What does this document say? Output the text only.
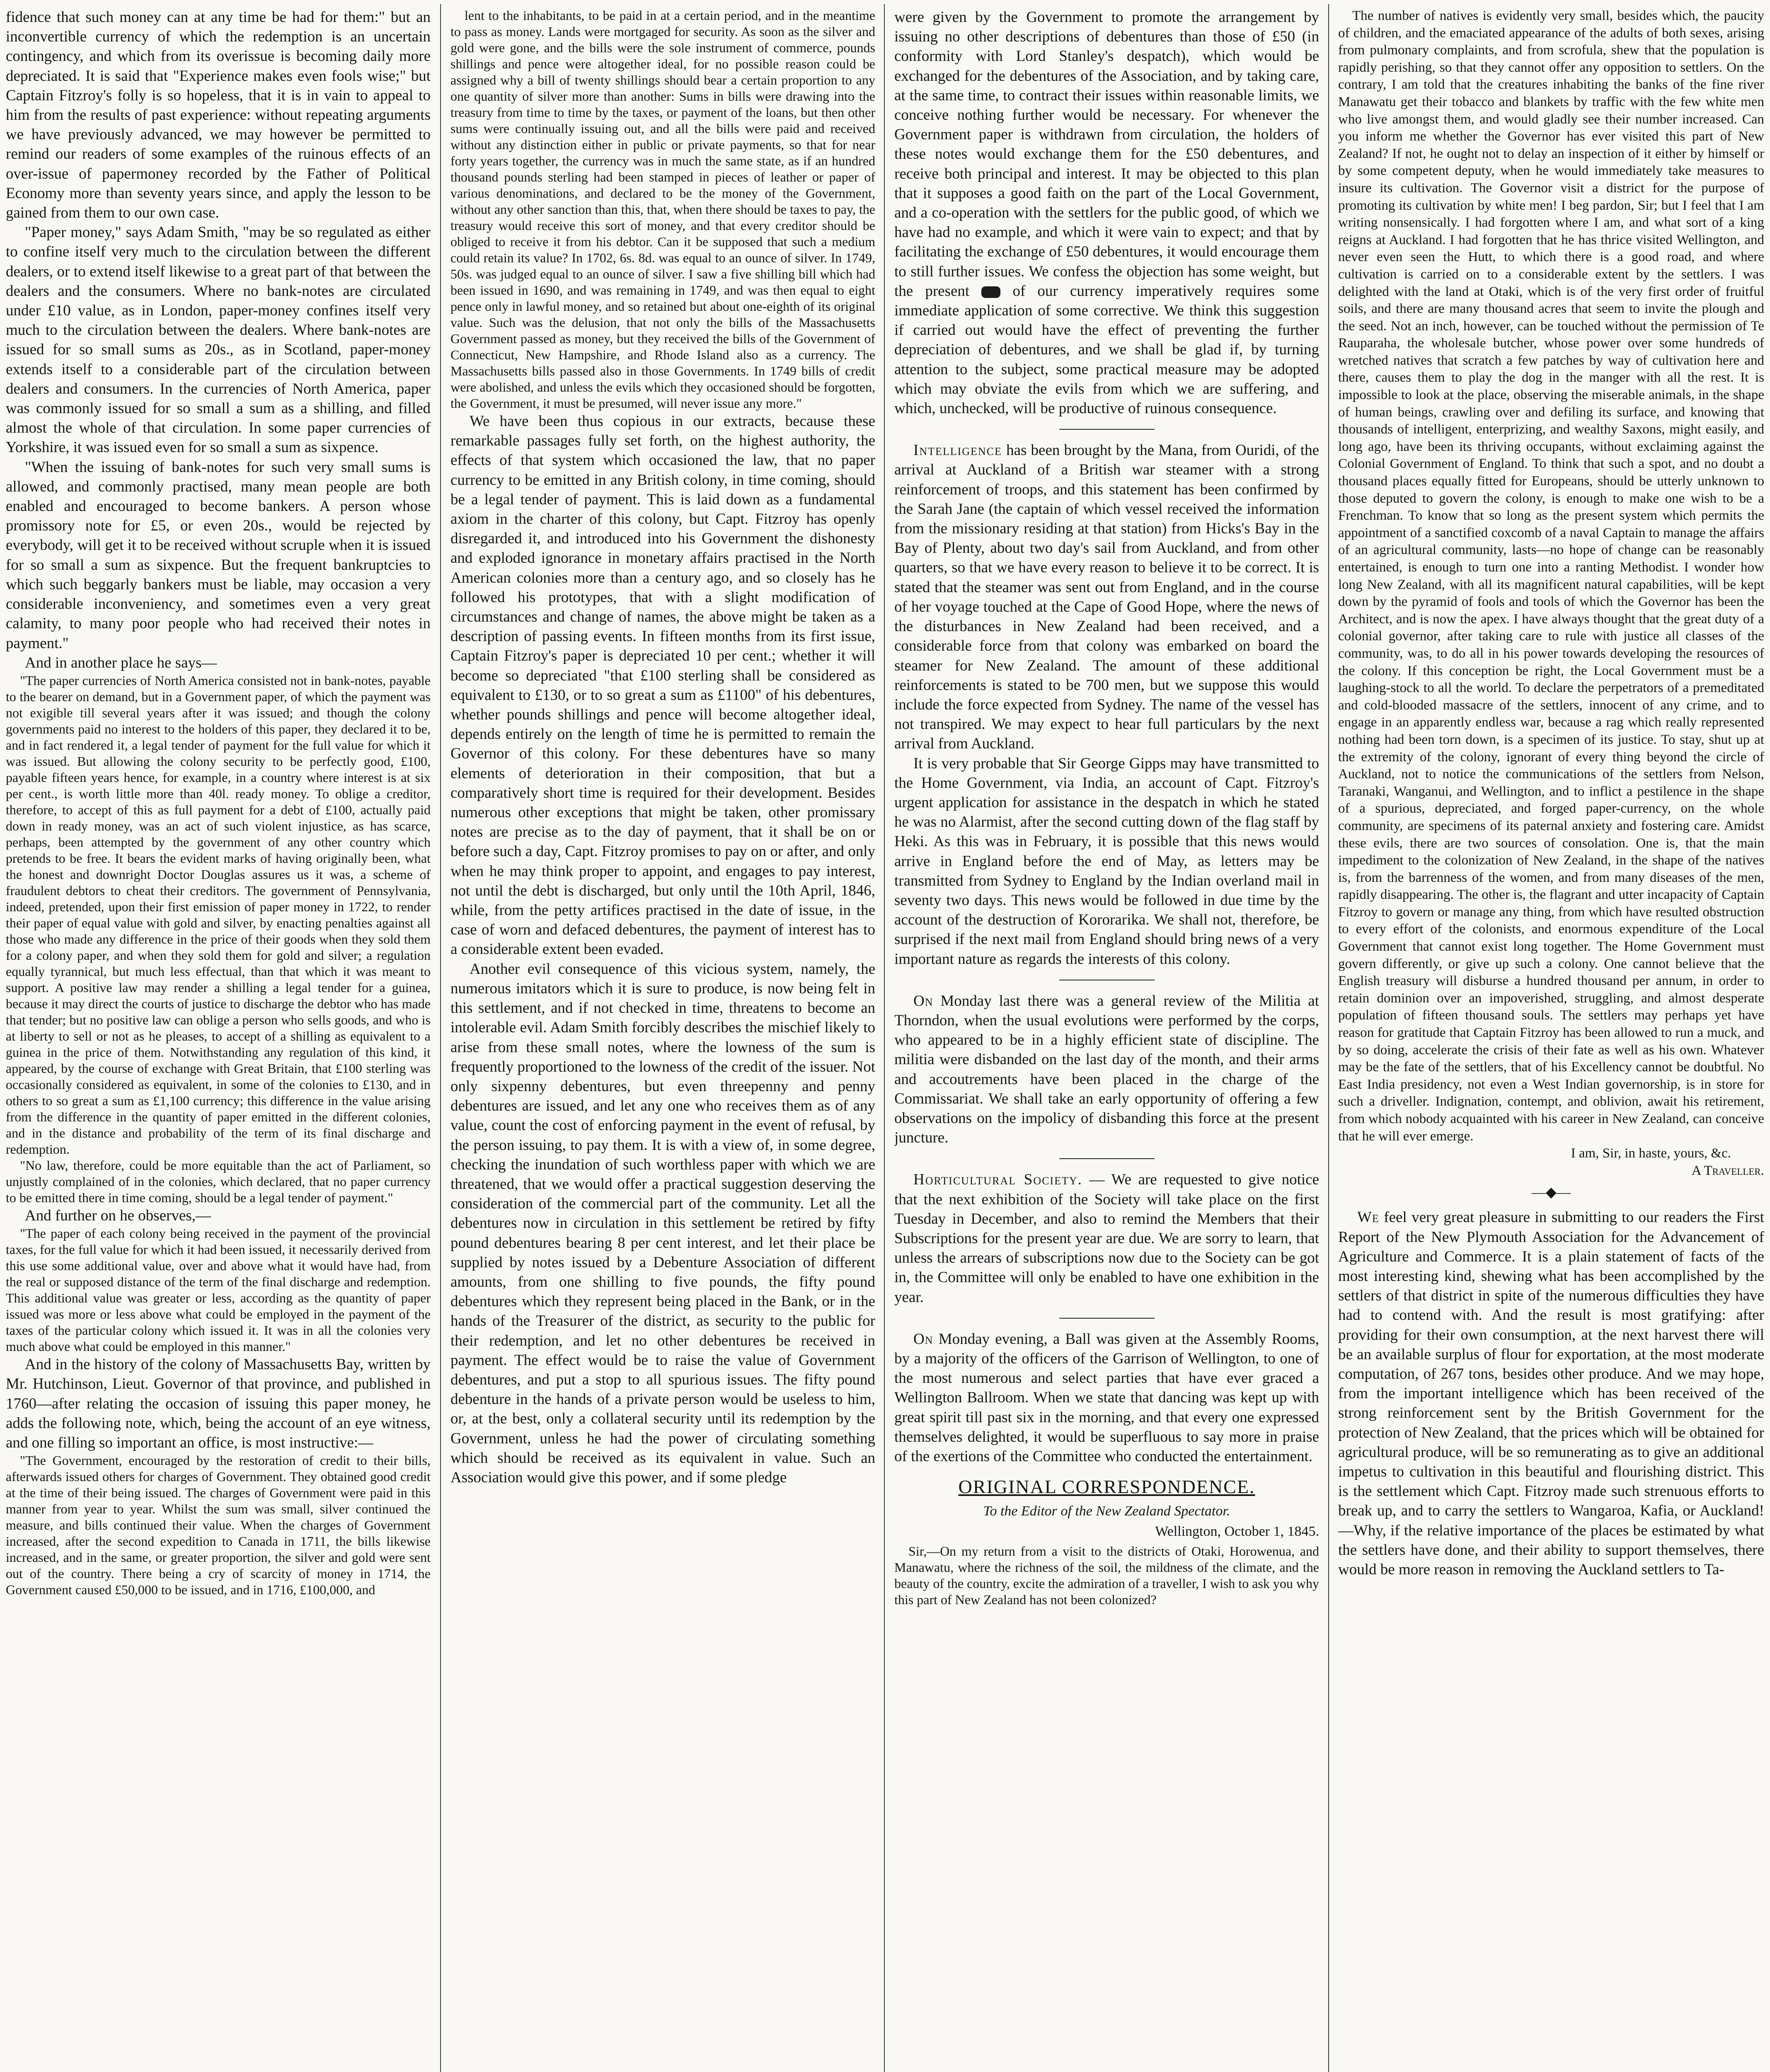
fidence that such money can at any time be had for them:" but an inconvertible currency of which the redemption is an uncertain contingency, and which from its overissue is becoming daily more depreciated. It is said that "Experience makes even fools wise;" but Captain Fitzroy's folly is so hopeless, that it is in vain to appeal to him from the results of past experience: without repeating arguments we have previously advanced, we may however be permitted to remind our readers of some examples of the ruinous effects of an over-issue of papermoney recorded by the Father of Political Economy more than seventy years since, and apply the lesson to be gained from them to our own case.

"Paper money," says Adam Smith, "may be so regulated as either to confine itself very much to the circulation between the different dealers, or to extend itself likewise to a great part of that between the dealers and the consumers. Where no bank-notes are circulated under £10 value, as in London, paper-money confines itself very much to the circulation between the dealers. Where bank-notes are issued for so small sums as 20s., as in Scotland, paper-money extends itself to a considerable part of the circulation between dealers and consumers. In the currencies of North America, paper was commonly issued for so small a sum as a shilling, and filled almost the whole of that circulation. In some paper currencies of Yorkshire, it was issued even for so small a sum as sixpence.

"When the issuing of bank-notes for such very small sums is allowed, and commonly practised, many mean people are both enabled and encouraged to become bankers. A person whose promissory note for £5, or even 20s., would be rejected by everybody, will get it to be received without scruple when it is issued for so small a sum as sixpence. But the frequent bankruptcies to which such beggarly bankers must be liable, may occasion a very considerable inconveniency, and sometimes even a very great calamity, to many poor people who had received their notes in payment."

And in another place he says—

"The paper currencies of North America consisted not in bank-notes, payable to the bearer on demand, but in a Government paper, of which the payment was not exigible till several years after it was issued; and though the colony governments paid no interest to the holders of this paper, they declared it to be, and in fact rendered it, a legal tender of payment for the full value for which it was issued. But allowing the colony security to be perfectly good, £100, payable fifteen years hence, for example, in a country where interest is at six per cent., is worth little more than 40l. ready money. To oblige a creditor, therefore, to accept of this as full payment for a debt of £100, actually paid down in ready money, was an act of such violent injustice, as has scarce, perhaps, been attempted by the government of any other country which pretends to be free. It bears the evident marks of having originally been, what the honest and downright Doctor Douglas assures us it was, a scheme of fraudulent debtors to cheat their creditors. The government of Pennsylvania, indeed, pretended, upon their first emission of paper money in 1722, to render their paper of equal value with gold and silver, by enacting penalties against all those who made any difference in the price of their goods when they sold them for a colony paper, and when they sold them for gold and silver; a regulation equally tyrannical, but much less effectual, than that which it was meant to support. A positive law may render a shilling a legal tender for a guinea, because it may direct the courts of justice to discharge the debtor who has made that tender; but no positive law can oblige a person who sells goods, and who is at liberty to sell or not as he pleases, to accept of a shilling as equivalent to a guinea in the price of them. Notwithstanding any regulation of this kind, it appeared, by the course of exchange with Great Britain, that £100 sterling was occasionally considered as equivalent, in some of the colonies to £130, and in others to so great a sum as £1,100 currency; this difference in the value arising from the difference in the quantity of paper emitted in the different colonies, and in the distance and probability of the term of its final discharge and redemption.

"No law, therefore, could be more equitable than the act of Parliament, so unjustly complained of in the colonies, which declared, that no paper currency to be emitted there in time coming, should be a legal tender of payment."

And further on he observes,—

"The paper of each colony being received in the payment of the provincial taxes, for the full value for which it had been issued, it necessarily derived from this use some additional value, over and above what it would have had, from the real or supposed distance of the term of the final discharge and redemption. This additional value was greater or less, according as the quantity of paper issued was more or less above what could be employed in the payment of the taxes of the particular colony which issued it. It was in all the colonies very much above what could be employed in this manner."

And in the history of the colony of Massachusetts Bay, written by Mr. Hutchinson, Lieut. Governor of that province, and published in 1760—after relating the occasion of issuing this paper money, he adds the following note, which, being the account of an eye witness, and one filling so important an office, is most instructive:—

"The Government, encouraged by the restoration of credit to their bills, afterwards issued others for charges of Government. They obtained good credit at the time of their being issued. The charges of Government were paid in this manner from year to year. Whilst the sum was small, silver continued the measure, and bills continued their value. When the charges of Government increased, after the second expedition to Canada in 1711, the bills likewise increased, and in the same, or greater proportion, the silver and gold were sent out of the country. There being a cry of scarcity of money in 1714, the Government caused £50,000 to be issued, and in 1716, £100,000, and

lent to the inhabitants, to be paid in at a certain period, and in the meantime to pass as money. Lands were mortgaged for security. As soon as the silver and gold were gone, and the bills were the sole instrument of commerce, pounds shillings and pence were altogether ideal, for no possible reason could be assigned why a bill of twenty shillings should bear a certain proportion to any one quantity of silver more than another: Sums in bills were drawing into the treasury from time to time by the taxes, or payment of the loans, but then other sums were continually issuing out, and all the bills were paid and received without any distinction either in public or private payments, so that for near forty years together, the currency was in much the same state, as if an hundred thousand pounds sterling had been stamped in pieces of leather or paper of various denominations, and declared to be the money of the Government, without any other sanction than this, that, when there should be taxes to pay, the treasury would receive this sort of money, and that every creditor should be obliged to receive it from his debtor. Can it be supposed that such a medium could retain its value? In 1702, 6s. 8d. was equal to an ounce of silver. In 1749, 50s. was judged equal to an ounce of silver. I saw a five shilling bill which had been issued in 1690, and was remaining in 1749, and was then equal to eight pence only in lawful money, and so retained but about one-eighth of its original value. Such was the delusion, that not only the bills of the Massachusetts Government passed as money, but they received the bills of the Government of Connecticut, New Hampshire, and Rhode Island also as a currency. The Massachusetts bills passed also in those Governments. In 1749 bills of credit were abolished, and unless the evils which they occasioned should be forgotten, the Government, it must be presumed, will never issue any more."

We have been thus copious in our extracts, because these remarkable passages fully set forth, on the highest authority, the effects of that system which occasioned the law, that no paper currency to be emitted in any British colony, in time coming, should be a legal tender of payment. This is laid down as a fundamental axiom in the charter of this colony, but Capt. Fitzroy has openly disregarded it, and introduced into his Government the dishonesty and exploded ignorance in monetary affairs practised in the North American colonies more than a century ago, and so closely has he followed his prototypes, that with a slight modification of circumstances and change of names, the above might be taken as a description of passing events. In fifteen months from its first issue, Captain Fitzroy's paper is depreciated 10 per cent.; whether it will become so depreciated "that £100 sterling shall be considered as equivalent to £130, or to so great a sum as £1100" of his debentures, whether pounds shillings and pence will become altogether ideal, depends entirely on the length of time he is permitted to remain the Governor of this colony. For these debentures have so many elements of deterioration in their composition, that but a comparatively short time is required for their development. Besides numerous other exceptions that might be taken, other promissary notes are precise as to the day of payment, that it shall be on or before such a day, Capt. Fitzroy promises to pay on or after, and only when he may think proper to appoint, and engages to pay interest, not until the debt is discharged, but only until the 10th April, 1846, while, from the petty artifices practised in the date of issue, in the case of worn and defaced debentures, the payment of interest has to a considerable extent been evaded.

Another evil consequence of this vicious system, namely, the numerous imitators which it is sure to produce, is now being felt in this settlement, and if not checked in time, threatens to become an intolerable evil. Adam Smith forcibly describes the mischief likely to arise from these small notes, where the lowness of the sum is frequently proportioned to the lowness of the credit of the issuer. Not only sixpenny debentures, but even threepenny and penny debentures are issued, and let any one who receives them as of any value, count the cost of enforcing payment in the event of refusal, by the person issuing, to pay them. It is with a view of, in some degree, checking the inundation of such worthless paper with which we are threatened, that we would offer a practical suggestion deserving the consideration of the commercial part of the community. Let all the debentures now in circulation in this settlement be retired by fifty pound debentures bearing 8 per cent interest, and let their place be supplied by notes issued by a Debenture Association of different amounts, from one shilling to five pounds, the fifty pound debentures which they represent being placed in the Bank, or in the hands of the Treasurer of the district, as security to the public for their redemption, and let no other debentures be received in payment. The effect would be to raise the value of Government debentures, and put a stop to all spurious issues. The fifty pound debenture in the hands of a private person would be useless to him, or, at the best, only a collateral security until its redemption by the Government, unless he had the power of circulating something which should be received as its equivalent in value. Such an Association would give this power, and if some pledge

were given by the Government to promote the arrangement by issuing no other descriptions of debentures than those of £50 (in conformity with Lord Stanley's despatch), which would be exchanged for the debentures of the Association, and by taking care, at the same time, to contract their issues within reasonable limits, we conceive nothing further would be necessary. For whenever the Government paper is withdrawn from circulation, the holders of these notes would exchange them for the £50 debentures, and receive both principal and interest. It may be objected to this plan that it supposes a good faith on the part of the Local Government, and a co-operation with the settlers for the public good, of which we have had no example, and which it were vain to expect; and that by facilitating the exchange of £50 debentures, it would encourage them to still further issues. We confess the objection has some weight, but the present	of our currency imperatively requires some immediate application of some corrective. We think this suggestion if carried out would have the effect of preventing the further depreciation of debentures, and we shall be glad if, by turning attention to the subject, some practical measure may be adopted which may obviate the evils from which we are suffering, and which, unchecked, will be productive of ruinous consequence.

Intelligence has been brought by the Mana, from Ouridi, of the arrival at Auckland of a British war steamer with a strong reinforcement of troops, and this statement has been confirmed by the Sarah Jane (the captain of which vessel received the information from the missionary residing at that station) from Hicks's Bay in the Bay of Plenty, about two day's sail from Auckland, and from other quarters, so that we have every reason to believe it to be correct. It is stated that the steamer was sent out from England, and in the course of her voyage touched at the Cape of Good Hope, where the news of the disturbances in New Zealand had been received, and a considerable force from that colony was embarked on board the steamer for New Zealand. The amount of these additional reinforcements is stated to be 700 men, but we suppose this would include the force expected from Sydney. The name of the vessel has not transpired. We may expect to hear full particulars by the next arrival from Auckland.

It is very probable that Sir George Gipps may have transmitted to the Home Government, via India, an account of Capt. Fitzroy's urgent application for assistance in the despatch in which he stated he was no Alarmist, after the second cutting down of the flag staff by Heki. As this was in February, it is possible that this news would arrive in England before the end of May, as letters may be transmitted from Sydney to England by the Indian overland mail in seventy two days. This news would be followed in due time by the account of the destruction of Kororarika. We shall not, therefore, be surprised if the next mail from England should bring news of a very important nature as regards the interests of this colony.

On Monday last there was a general review of the Militia at Thorndon, when the usual evolutions were performed by the corps, who appeared to be in a highly efficient state of discipline. The militia were disbanded on the last day of the month, and their arms and accoutrements have been placed in the charge of the Commissariat. We shall take an early opportunity of offering a few observations on the impolicy of disbanding this force at the present juncture.

Horticultural Society. — We are requested to give notice that the next exhibition of the Society will take place on the first Tuesday in December, and also to remind the Members that their Subscriptions for the present year are due. We are sorry to learn, that unless the arrears of subscriptions now due to the Society can be got in, the Committee will only be enabled to have one exhibition in the year.

On Monday evening, a Ball was given at the Assembly Rooms, by a majority of the officers of the Garrison of Wellington, to one of the most numerous and select parties that have ever graced a Wellington Ballroom. When we state that dancing was kept up with great spirit till past six in the morning, and that every one expressed themselves delighted, it would be superfluous to say more in praise of the exertions of the Committee who conducted the entertainment.

ORIGINAL CORRESPONDENCE.
To the Editor of the New Zealand Spectator.
Wellington, October 1, 1845.

Sir,—On my return from a visit to the districts of Otaki, Horowenua, and Manawatu, where the richness of the soil, the mildness of the climate, and the beauty of the country, excite the admiration of a traveller, I wish to ask you why this part of New Zealand has not been colonized?

The number of natives is evidently very small, besides which, the paucity of children, and the emaciated appearance of the adults of both sexes, arising from pulmonary complaints, and from scrofula, shew that the population is rapidly perishing, so that they cannot offer any opposition to settlers. On the contrary, I am told that the creatures inhabiting the banks of the fine river Manawatu get their tobacco and blankets by traffic with the few white men who live amongst them, and would gladly see their number increased. Can you inform me whether the Governor has ever visited this part of New Zealand? If not, he ought not to delay an inspection of it either by himself or by some competent deputy, when he would immediately take measures to insure its cultivation. The Governor visit a district for the purpose of promoting its cultivation by white men! I beg pardon, Sir; but I feel that I am writing nonsensically. I had forgotten where I am, and what sort of a king reigns at Auckland. I had forgotten that he has thrice visited Wellington, and never even seen the Hutt, to which there is a good road, and where cultivation is carried on to a considerable extent by the settlers. I was delighted with the land at Otaki, which is of the very first order of fruitful soils, and there are many thousand acres that seem to invite the plough and the seed. Not an inch, however, can be touched without the permission of Te Rauparaha, the wholesale butcher, whose power over some hundreds of wretched natives that scratch a few patches by way of cultivation here and there, causes them to play the dog in the manger with all the rest. It is impossible to look at the place, observing the miserable animals, in the shape of human beings, crawling over and defiling its surface, and knowing that thousands of intelligent, enterprizing, and wealthy Saxons, might easily, and long ago, have been its thriving occupants, without exclaiming against the Colonial Government of England. To think that such a spot, and no doubt a thousand places equally fitted for Europeans, should be utterly unknown to those deputed to govern the colony, is enough to make one wish to be a Frenchman. To know that so long as the present system which permits the appointment of a sanctified coxcomb of a naval Captain to manage the affairs of an agricultural community, lasts—no hope of change can be reasonably entertained, is enough to turn one into a ranting Methodist. I wonder how long New Zealand, with all its magnificent natural capabilities, will be kept down by the pyramid of fools and tools of which the Governor has been the Architect, and is now the apex. I have always thought that the great duty of a colonial governor, after taking care to rule with justice all classes of the community, was, to do all in his power towards developing the resources of the colony. If this conception be right, the Local Government must be a laughing-stock to all the world. To declare the perpetrators of a premeditated and cold-blooded massacre of the settlers, innocent of any crime, and to engage in an apparently endless war, because a rag which really represented nothing had been torn down, is a specimen of its justice. To stay, shut up at the extremity of the colony, ignorant of every thing beyond the circle of Auckland, not to notice the communications of the settlers from Nelson, Taranaki, Wanganui, and Wellington, and to inflict a pestilence in the shape of a spurious, depreciated, and forged paper-currency, on the whole community, are specimens of its paternal anxiety and fostering care. Amidst these evils, there are two sources of consolation. One is, that the main impediment to the colonization of New Zealand, in the shape of the natives is, from the barrenness of the women, and from many diseases of the men, rapidly disappearing. The other is, the flagrant and utter incapacity of Captain Fitzroy to govern or manage any thing, from which have resulted obstruction to every effort of the colonists, and enormous expenditure of the Local Government that cannot exist long together. The Home Government must govern differently, or give up such a colony. One cannot believe that the English treasury will disburse a hundred thousand per annum, in order to retain dominion over an impoverished, struggling, and almost desperate population of fifteen thousand souls. The settlers may perhaps yet have reason for gratitude that Captain Fitzroy has been allowed to run a muck, and by so doing, accelerate the crisis of their fate as well as his own. Whatever may be the fate of the settlers, that of his Excellency cannot be doubtful. No East India presidency, not even a West Indian governorship, is in store for such a driveller. Indignation, contempt, and oblivion, await his retirement, from which nobody acquainted with his career in New Zealand, can conceive that he will ever emerge.

I am, Sir, in haste, yours, &c.

A Traveller.

—◆—

We feel very great pleasure in submitting to our readers the First Report of the New Plymouth Association for the Advancement of Agriculture and Commerce. It is a plain statement of facts of the most interesting kind, shewing what has been accomplished by the settlers of that district in spite of the numerous difficulties they have had to contend with. And the result is most gratifying: after providing for their own consumption, at the next harvest there will be an available surplus of flour for exportation, at the most moderate computation, of 267 tons, besides other produce. And we may hope, from the important intelligence which has been received of the strong reinforcement sent by the British Government for the protection of New Zealand, that the prices which will be obtained for agricultural produce, will be so remunerating as to give an additional impetus to cultivation in this beautiful and flourishing district. This is the settlement which Capt. Fitzroy made such strenuous efforts to break up, and to carry the settlers to Wangaroa, Kafia, or Auckland!—Why, if the relative importance of the places be estimated by what the settlers have done, and their ability to support themselves, there would be more reason in removing the Auckland settlers to Ta-
